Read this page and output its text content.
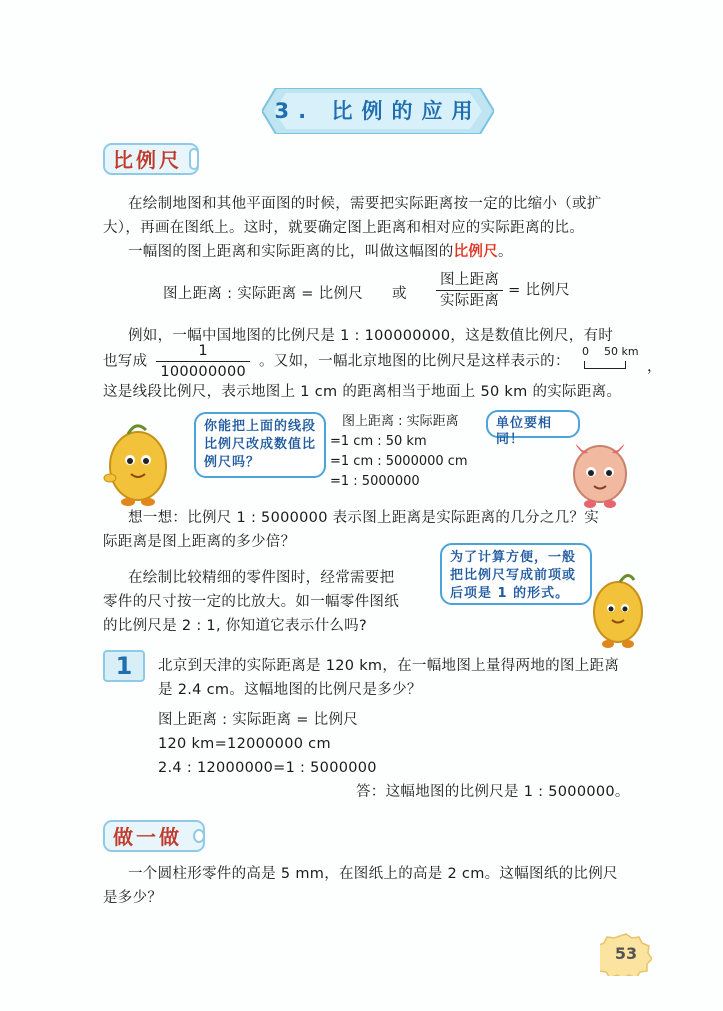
3. 比例的应用
比例尺
在绘制地图和其他平面图的时候，需要把实际距离按一定的比缩小（或扩
大），再画在图纸上。这时，就要确定图上距离和相对应的实际距离的比。
一幅图的图上距离和实际距离的比，叫做这幅图的比例尺。
图上距离 : 实际距离 = 比例尺 或 $\frac{\text{图上距离}}{\text{实际距离}}$ = 比例尺
例如，一幅中国地图的比例尺是 1 : 100000000，这是数值比例尺，有时
也写成 $\frac{1}{100000000}$ 。又如，一幅北京地图的比例尺是这样表示的：
0 50 km
，
这是线段比例尺，表示地图上 1 cm 的距离相当于地面上 50 km 的实际距离。
你能把上面的线段比例尺改成数值比例尺吗？
图上距离 : 实际距离
=1 cm : 50 km
=1 cm : 5000000 cm
=1 : 5000000
单位要相同！
想一想：比例尺 1 : 5000000 表示图上距离是实际距离的几分之几？实
际距离是图上距离的多少倍？
为了计算方便，一般把比例尺写成前项或后项是 1 的形式。
在绘制比较精细的零件图时，经常需要把
零件的尺寸按一定的比放大。如一幅零件图纸
的比例尺是 2 : 1, 你知道它表示什么吗?
1	北京到天津的实际距离是 120 km，在一幅地图上量得两地的图上距离
是 2.4 cm。这幅地图的比例尺是多少？
图上距离 : 实际距离 = 比例尺
120 km=12000000 cm
2.4 : 12000000=1 : 5000000
答：这幅地图的比例尺是 1 : 5000000。
做一做
一个圆柱形零件的高是 5 mm，在图纸上的高是 2 cm。这幅图纸的比例尺
是多少？
53
